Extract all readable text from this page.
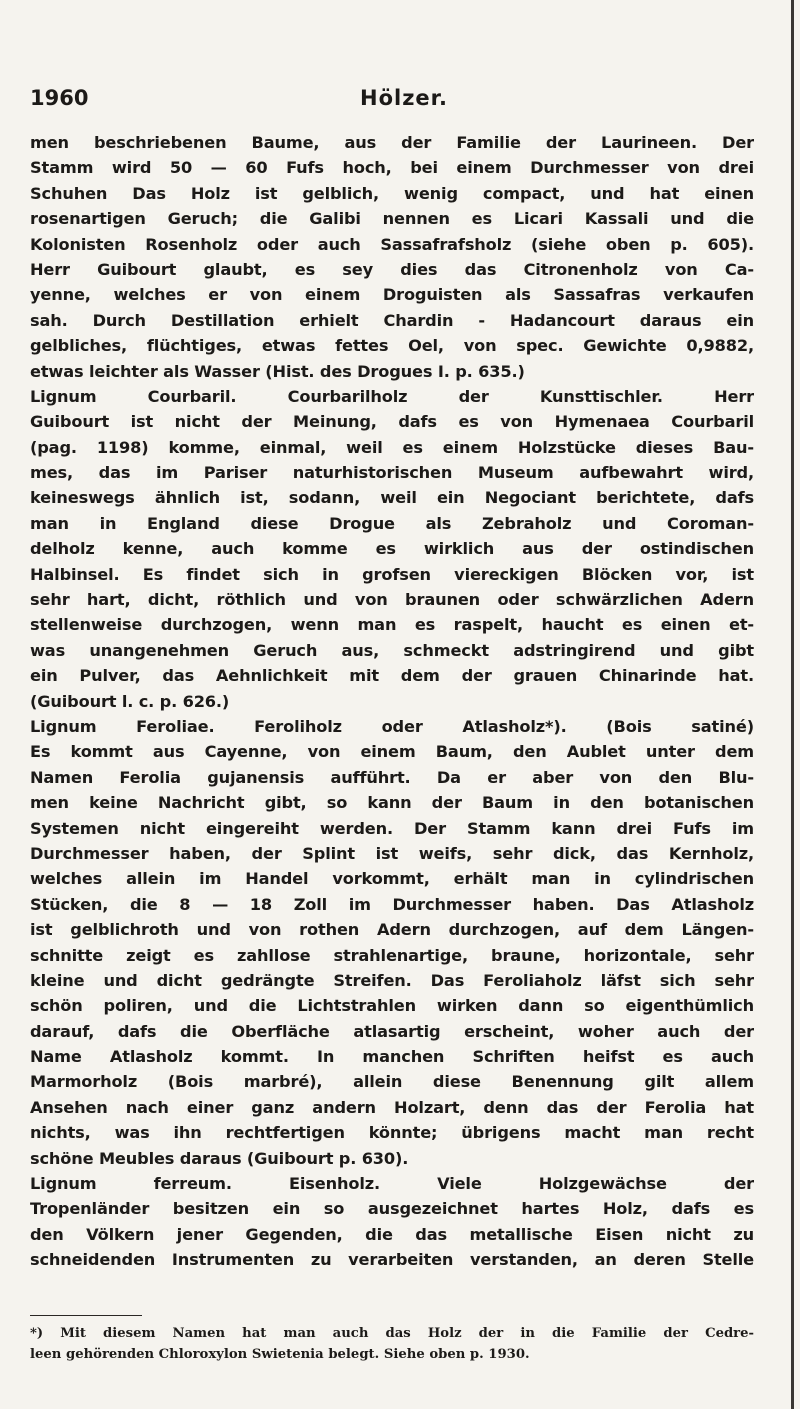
1960	Hölzer.
men beschriebenen Baume, aus der Familie der Laurineen. Der
Stamm wird 50 — 60 Fufs hoch, bei einem Durchmesser von drei
Schuhen Das Holz ist gelblich, wenig compact, und hat einen
rosenartigen Geruch; die Galibi nennen es Licari Kassali und die
Kolonisten Rosenholz oder auch Sassafrafsholz (siehe oben p. 605).
Herr Guibourt glaubt, es sey dies das Citronenholz von Ca-
yenne, welches er von einem Droguisten als Sassafras verkaufen
sah. Durch Destillation erhielt Chardin - Hadancourt daraus ein
gelbliches, flüchtiges, etwas fettes Oel, von spec. Gewichte 0,9882,
etwas leichter als Wasser (Hist. des Drogues I. p. 635.)
Lignum Courbaril. Courbarilholz der Kunsttischler. Herr
Guibourt ist nicht der Meinung, dafs es von Hymenaea Courbaril
(pag. 1198) komme, einmal, weil es einem Holzstücke dieses Bau-
mes, das im Pariser naturhistorischen Museum aufbewahrt wird,
keineswegs ähnlich ist, sodann, weil ein Negociant berichtete, dafs
man in England diese Drogue als Zebraholz und Coroman-
delholz kenne, auch komme es wirklich aus der ostindischen
Halbinsel. Es findet sich in grofsen viereckigen Blöcken vor, ist
sehr hart, dicht, röthlich und von braunen oder schwärzlichen Adern
stellenweise durchzogen, wenn man es raspelt, haucht es einen et-
was unangenehmen Geruch aus, schmeckt adstringirend und gibt
ein Pulver, das Aehnlichkeit mit dem der grauen Chinarinde hat.
(Guibourt l. c. p. 626.)
Lignum Feroliae. Feroliholz oder Atlasholz*). (Bois satiné)
Es kommt aus Cayenne, von einem Baum, den Aublet unter dem
Namen Ferolia gujanensis aufführt. Da er aber von den Blu-
men keine Nachricht gibt, so kann der Baum in den botanischen
Systemen nicht eingereiht werden. Der Stamm kann drei Fufs im
Durchmesser haben, der Splint ist weifs, sehr dick, das Kernholz,
welches allein im Handel vorkommt, erhält man in cylindrischen
Stücken, die 8 — 18 Zoll im Durchmesser haben. Das Atlasholz
ist gelblichroth und von rothen Adern durchzogen, auf dem Längen-
schnitte zeigt es zahllose strahlenartige, braune, horizontale, sehr
kleine und dicht gedrängte Streifen. Das Feroliaholz läfst sich sehr
schön poliren, und die Lichtstrahlen wirken dann so eigenthümlich
darauf, dafs die Oberfläche atlasartig erscheint, woher auch der
Name Atlasholz kommt. In manchen Schriften heifst es auch
Marmorholz (Bois marbré), allein diese Benennung gilt allem
Ansehen nach einer ganz andern Holzart, denn das der Ferolia hat
nichts, was ihn rechtfertigen könnte; übrigens macht man recht
schöne Meubles daraus (Guibourt p. 630).
Lignum ferreum. Eisenholz. Viele Holzgewächse der
Tropenländer besitzen ein so ausgezeichnet hartes Holz, dafs es
den Völkern jener Gegenden, die das metallische Eisen nicht zu
schneidenden Instrumenten zu verarbeiten verstanden, an deren Stelle
*) Mit diesem Namen hat man auch das Holz der in die Familie der Cedre-
leen gehörenden Chloroxylon Swietenia belegt. Siehe oben p. 1930.
